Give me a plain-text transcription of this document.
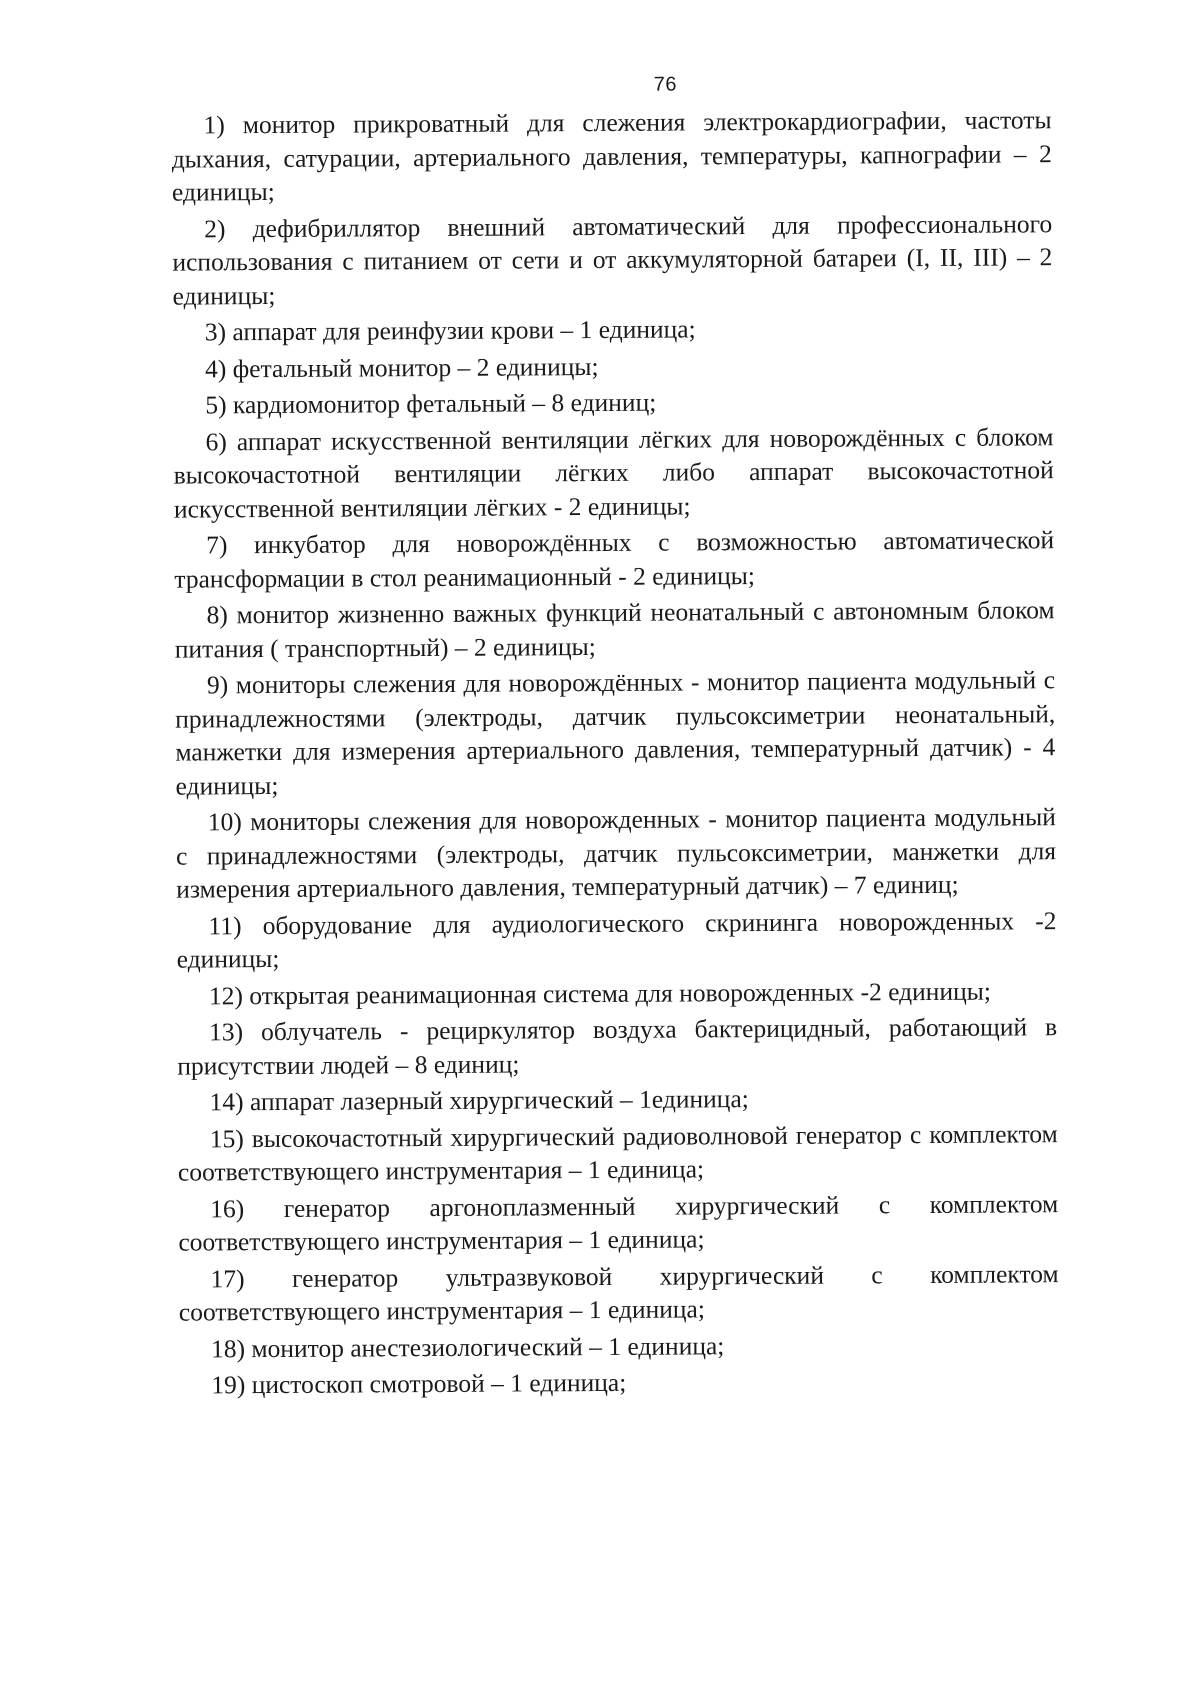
76

1) монитор прикроватный для слежения электрокардиографии, частоты дыхания, сатурации, артериального давления, температуры, капнографии – 2 единицы;

2) дефибриллятор внешний автоматический для профессионального использования с питанием от сети и от аккумуляторной батареи (I, II, III) – 2 единицы;

3) аппарат для реинфузии крови – 1 единица;

4) фетальный монитор – 2 единицы;

5) кардиомонитор фетальный – 8 единиц;

6) аппарат искусственной вентиляции лёгких для новорождённых с блоком высокочастотной вентиляции лёгких либо аппарат высокочастотной искусственной вентиляции лёгких - 2 единицы;

7) инкубатор для новорождённых с возможностью автоматической трансформации в стол реанимационный - 2 единицы;

8) монитор жизненно важных функций неонатальный с автономным блоком питания ( транспортный) – 2 единицы;

9) мониторы слежения для новорождённых - монитор пациента модульный с принадлежностями (электроды, датчик пульсоксиметрии неонатальный, манжетки для измерения артериального давления, температурный датчик) - 4 единицы;

10) мониторы слежения для новорожденных - монитор пациента модульный с принадлежностями (электроды, датчик пульсоксиметрии, манжетки для измерения артериального давления, температурный датчик) – 7 единиц;

11) оборудование для аудиологического скрининга новорожденных -2 единицы;

12) открытая реанимационная система для новорожденных -2 единицы;

13) облучатель - рециркулятор воздуха бактерицидный, работающий в присутствии людей – 8 единиц;

14) аппарат лазерный хирургический – 1единица;

15) высокочастотный хирургический радиоволновой генератор с комплектом соответствующего инструментария – 1 единица;

16) генератор аргоноплазменный хирургический с комплектом соответствующего инструментария – 1 единица;

17) генератор ультразвуковой хирургический с комплектом соответствующего инструментария – 1 единица;

18) монитор анестезиологический – 1 единица;

19) цистоскоп смотровой – 1 единица;
